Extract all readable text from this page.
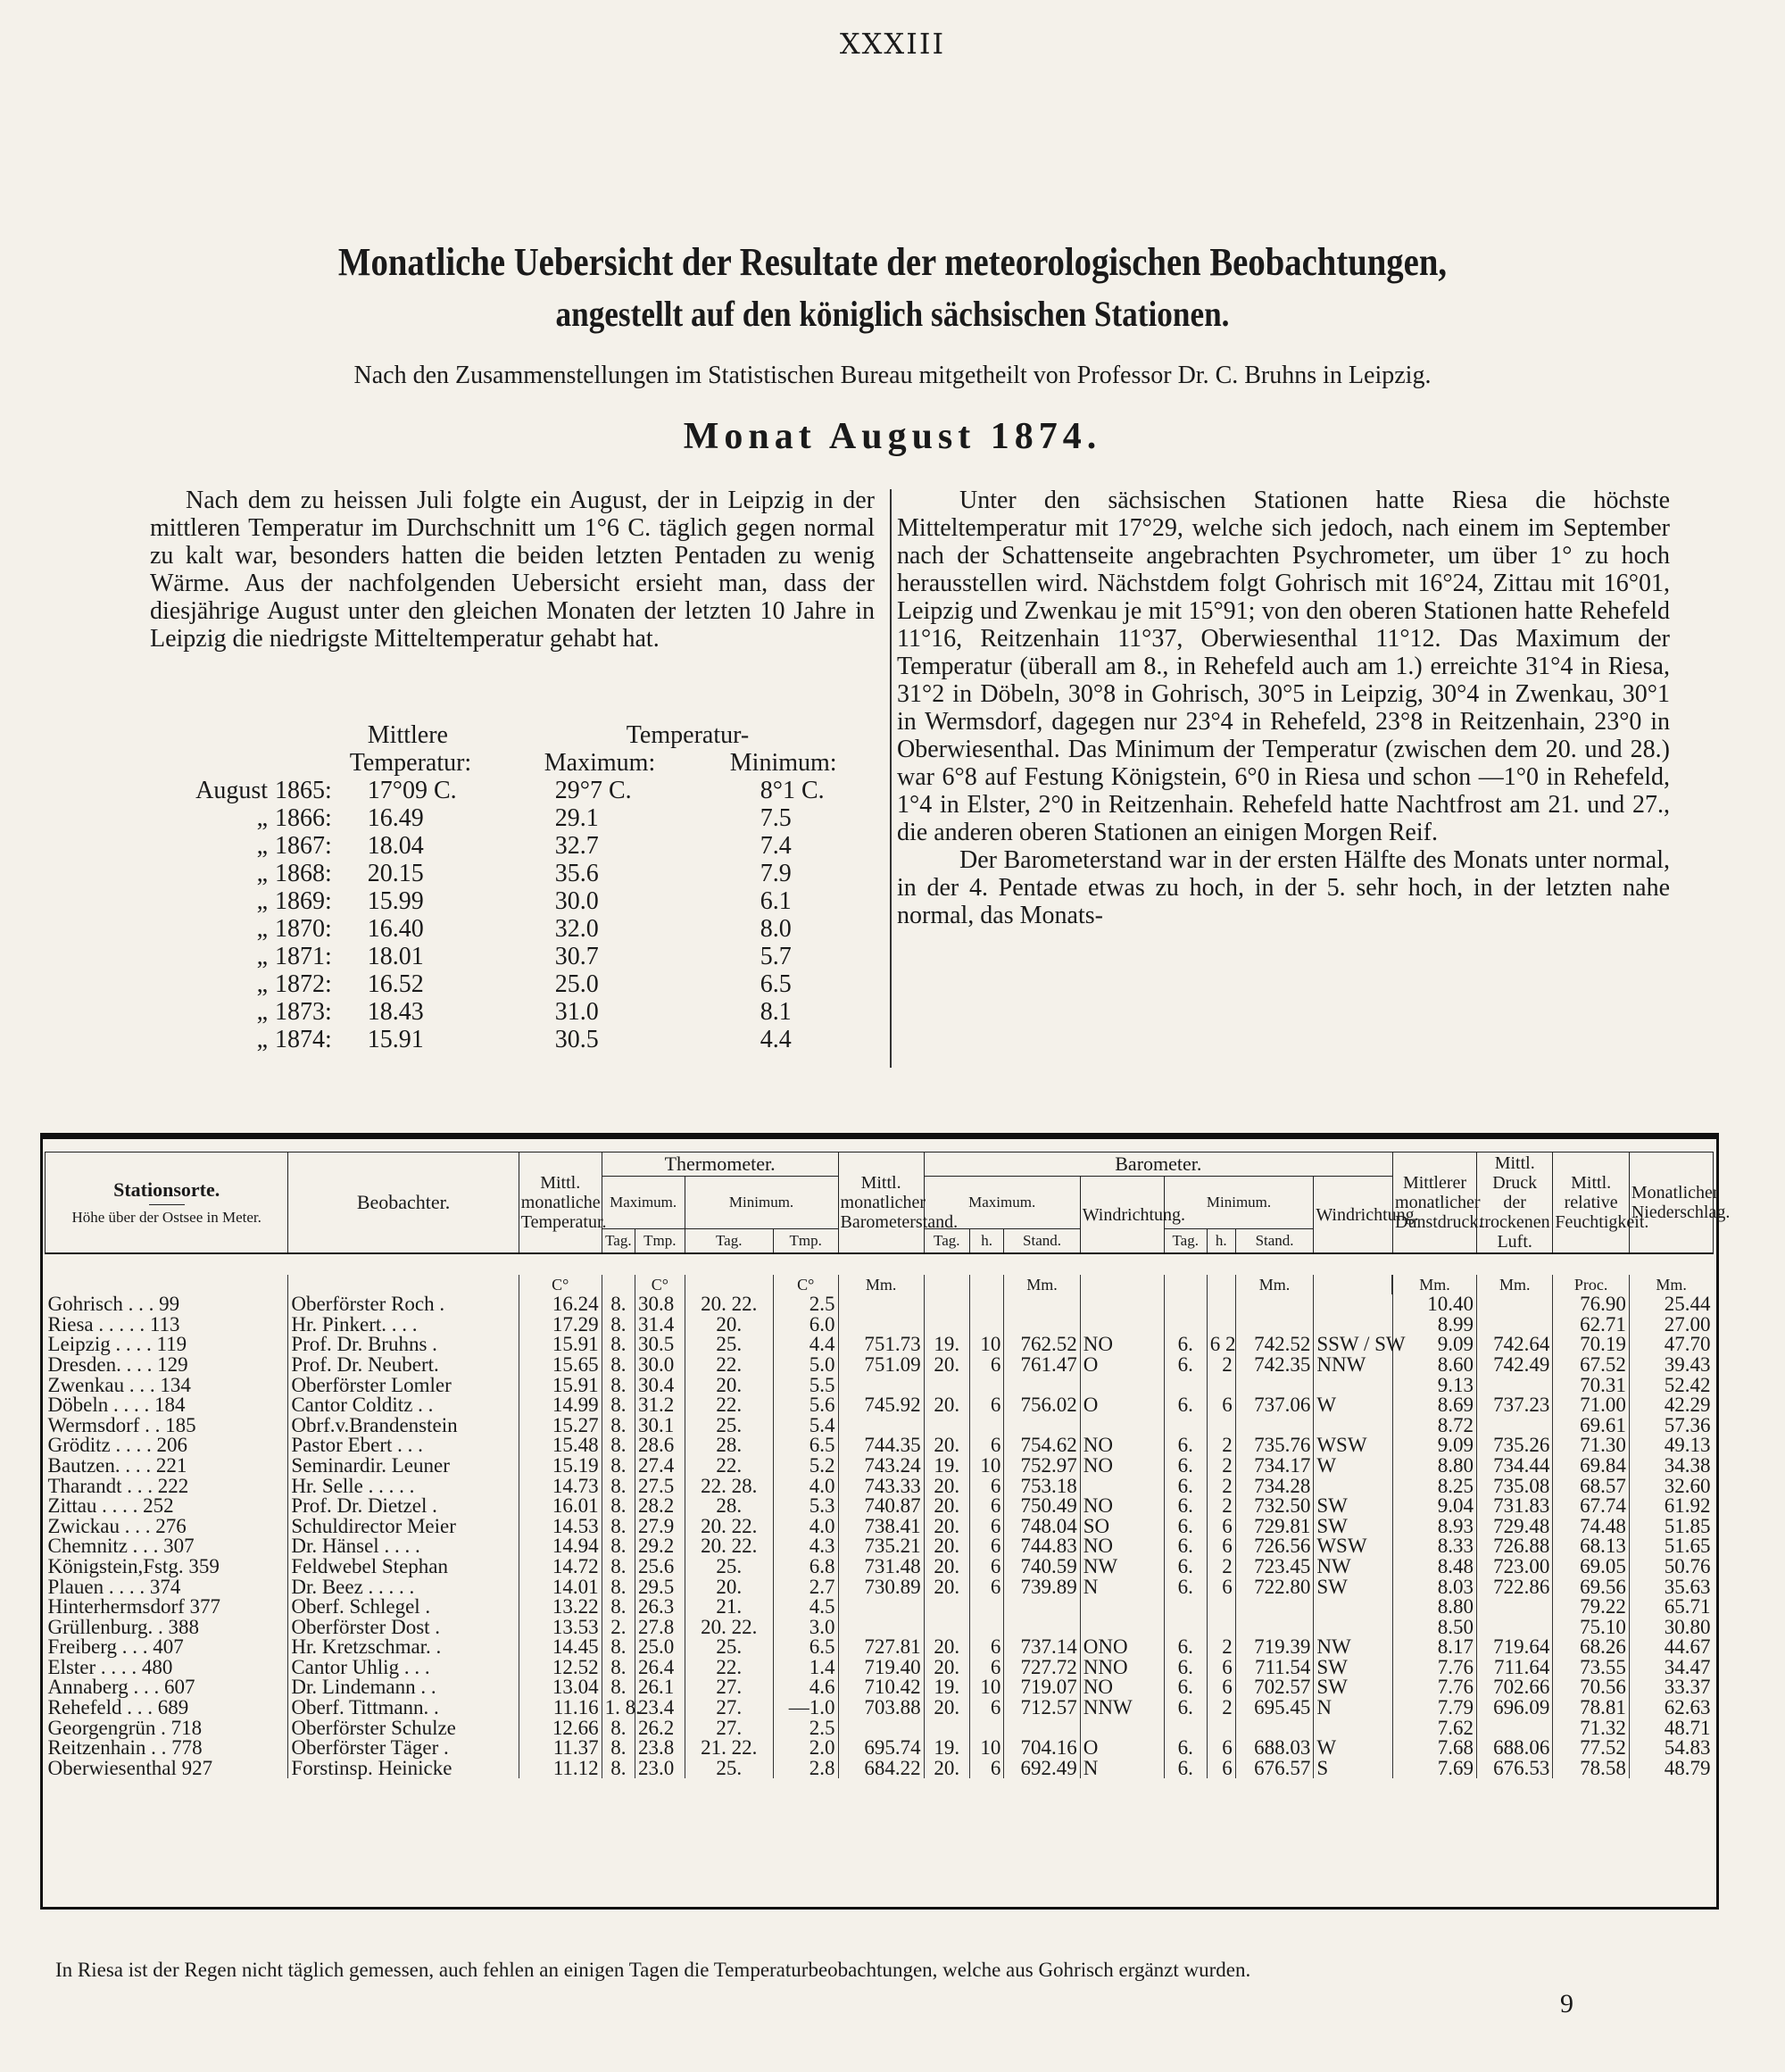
XXXIII
Monatliche Uebersicht der Resultate der meteorologischen Beobachtungen,
angestellt auf den königlich sächsischen Stationen.
Nach den Zusammenstellungen im Statistischen Bureau mitgetheilt von Professor Dr. C. Bruhns in Leipzig.
Monat August 1874.

Nach dem zu heissen Juli folgte ein August, der in Leipzig in der mittleren Temperatur im Durchschnitt um 1°6 C. täglich gegen normal zu kalt war, besonders hatten die beiden letzten Pentaden zu wenig Wärme. Aus der nachfolgenden Uebersicht ersieht man, dass der diesjährige August unter den gleichen Monaten der letzten 10 Jahre in Leipzig die niedrigste Mitteltemperatur gehabt hat.

		Mittlere	Temperatur-	
		Temperatur:	Maximum:	Minimum:
August	1865:	17°09 C.	29°7 C.	8°1 C.
„	1866:	16.49	29.1	7.5
„	1867:	18.04	32.7	7.4
„	1868:	20.15	35.6	7.9
„	1869:	15.99	30.0	6.1
„	1870:	16.40	32.0	8.0
„	1871:	18.01	30.7	5.7
„	1872:	16.52	25.0	6.5
„	1873:	18.43	31.0	8.1
„	1874:	15.91	30.5	4.4

Unter den sächsischen Stationen hatte Riesa die höchste Mitteltemperatur mit 17°29, welche sich jedoch, nach einem im September nach der Schattenseite angebrachten Psychrometer, um über 1° zu hoch herausstellen wird. Nächstdem folgt Gohrisch mit 16°24, Zittau mit 16°01, Leipzig und Zwenkau je mit 15°91; von den oberen Stationen hatte Rehefeld 11°16, Reitzenhain 11°37, Oberwiesenthal 11°12. Das Maximum der Temperatur (überall am 8., in Rehefeld auch am 1.) erreichte 31°4 in Riesa, 31°2 in Döbeln, 30°8 in Gohrisch, 30°5 in Leipzig, 30°4 in Zwenkau, 30°1 in Wermsdorf, dagegen nur 23°4 in Rehefeld, 23°8 in Reitzenhain, 23°0 in Oberwiesenthal. Das Minimum der Temperatur (zwischen dem 20. und 28.) war 6°8 auf Festung Königstein, 6°0 in Riesa und schon —1°0 in Rehefeld, 1°4 in Elster, 2°0 in Reitzenhain. Rehefeld hatte Nachtfrost am 21. und 27., die anderen oberen Stationen an einigen Morgen Reif.

Der Barometerstand war in der ersten Hälfte des Monats unter normal, in der 4. Pentade etwas zu hoch, in der 5. sehr hoch, in der letzten nahe normal, das Monats-

Stationsorte.
Höhe über der Ostsee in Meter.	Beobachter.	Mittl. monatliche Temperatur.	Thermometer.				Mittl. monatlicher Barometerstand.	Barometer.								Mittlerer monatlicher Dunstdruck.	Mittl. Druck der trockenen Luft.	Mittl. relative Feuchtigkeit.	Monatlicher Niederschlag.
			Maximum.		Minimum.			Maximum.			Windrichtung.	Minimum.			Windrichtung.				
			Tag.	Tmp.	Tag.	Tmp.		Tag.	h.	Stand.		Tag.	h.	Stand.					

		C°		C°		C°	Mm.			Mm.				Mm.			Mm.	Mm.	Proc.	Mm.
Gohrisch . . . 99	Oberförster Roch .	16.24	8.	30.8	20. 22.	2.5											10.40		76.90	25.44
Riesa . . . . . 113	Hr. Pinkert. . . .	17.29	8.	31.4	20.	6.0											8.99		62.71	27.00
Leipzig . . . . 119	Prof. Dr. Bruhns .	15.91	8.	30.5	25.	4.4	751.73	19.	10	762.52	NO	6.	6 2	742.52	SSW / SW		9.09	742.64	70.19	47.70
Dresden. . . . 129	Prof. Dr. Neubert.	15.65	8.	30.0	22.	5.0	751.09	20.	6	761.47	O	6.	2	742.35	NNW		8.60	742.49	67.52	39.43
Zwenkau . . . 134	Oberförster Lomler	15.91	8.	30.4	20.	5.5											9.13		70.31	52.42
Döbeln . . . . 184	Cantor Colditz . .	14.99	8.	31.2	22.	5.6	745.92	20.	6	756.02	O	6.	6	737.06	W		8.69	737.23	71.00	42.29
Wermsdorf . . 185	Obrf.v.Brandenstein	15.27	8.	30.1	25.	5.4											8.72		69.61	57.36
Gröditz . . . . 206	Pastor Ebert . . .	15.48	8.	28.6	28.	6.5	744.35	20.	6	754.62	NO	6.	2	735.76	WSW		9.09	735.26	71.30	49.13
Bautzen. . . . 221	Seminardir. Leuner	15.19	8.	27.4	22.	5.2	743.24	19.	10	752.97	NO	6.	2	734.17	W		8.80	734.44	69.84	34.38
Tharandt . . . 222	Hr. Selle . . . . .	14.73	8.	27.5	22. 28.	4.0	743.33	20.	6	753.18		6.	2	734.28			8.25	735.08	68.57	32.60
Zittau . . . . 252	Prof. Dr. Dietzel .	16.01	8.	28.2	28.	5.3	740.87	20.	6	750.49	NO	6.	2	732.50	SW		9.04	731.83	67.74	61.92
Zwickau . . . 276	Schuldirector Meier	14.53	8.	27.9	20. 22.	4.0	738.41	20.	6	748.04	SO	6.	6	729.81	SW		8.93	729.48	74.48	51.85
Chemnitz . . . 307	Dr. Hänsel . . . .	14.94	8.	29.2	20. 22.	4.3	735.21	20.	6	744.83	NO	6.	6	726.56	WSW		8.33	726.88	68.13	51.65
Königstein,Fstg. 359	Feldwebel Stephan	14.72	8.	25.6	25.	6.8	731.48	20.	6	740.59	NW	6.	2	723.45	NW		8.48	723.00	69.05	50.76
Plauen . . . . 374	Dr. Beez . . . . .	14.01	8.	29.5	20.	2.7	730.89	20.	6	739.89	N	6.	6	722.80	SW		8.03	722.86	69.56	35.63
Hinterhermsdorf 377	Oberf. Schlegel .	13.22	8.	26.3	21.	4.5											8.80		79.22	65.71
Grüllenburg. . 388	Oberförster Dost .	13.53	2.	27.8	20. 22.	3.0											8.50		75.10	30.80
Freiberg . . . 407	Hr. Kretzschmar. .	14.45	8.	25.0	25.	6.5	727.81	20.	6	737.14	ONO	6.	2	719.39	NW		8.17	719.64	68.26	44.67
Elster . . . . 480	Cantor Uhlig . . .	12.52	8.	26.4	22.	1.4	719.40	20.	6	727.72	NNO	6.	6	711.54	SW		7.76	711.64	73.55	34.47
Annaberg . . . 607	Dr. Lindemann . .	13.04	8.	26.1	27.	4.6	710.42	19.	10	719.07	NO	6.	6	702.57	SW		7.76	702.66	70.56	33.37
Rehefeld . . . 689	Oberf. Tittmann. .	11.16	1. 8.	23.4	27.	—1.0	703.88	20.	6	712.57	NNW	6.	2	695.45	N		7.79	696.09	78.81	62.63
Georgengrün . 718	Oberförster Schulze	12.66	8.	26.2	27.	2.5											7.62		71.32	48.71
Reitzenhain . . 778	Oberförster Täger .	11.37	8.	23.8	21. 22.	2.0	695.74	19.	10	704.16	O	6.	6	688.03	W		7.68	688.06	77.52	54.83
Oberwiesenthal 927	Forstinsp. Heinicke	11.12	8.	23.0	25.	2.8	684.22	20.	6	692.49	N	6.	6	676.57	S		7.69	676.53	78.58	48.79
In Riesa ist der Regen nicht täglich gemessen, auch fehlen an einigen Tagen die Temperaturbeobachtungen, welche aus Gohrisch ergänzt wurden.
9
